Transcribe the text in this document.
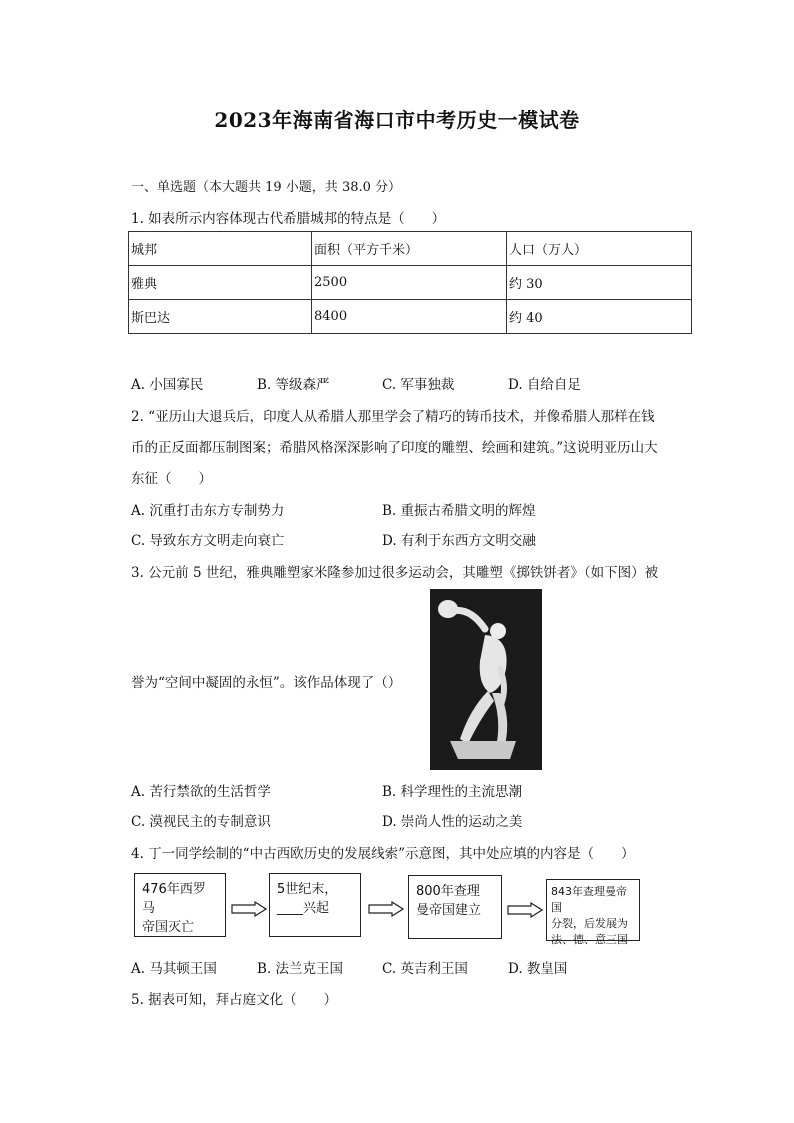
2023年海南省海口市中考历史一模试卷
一、单选题（本大题共 19 小题，共 38.0 分）
1. 如表所示内容体现古代希腊城邦的特点是（　　）
城邦	面积（平方千米）	人口（万人）
雅典	2500	约 30
斯巴达	8400	约 40
A. 小国寡民	B. 等级森严	C. 军事独裁	D. 自给自足
2. “亚历山大退兵后，印度人从希腊人那里学会了精巧的铸币技术，并像希腊人那样在钱
币的正反面都压制图案；希腊风格深深影响了印度的雕塑、绘画和建筑。”这说明亚历山大
东征（　　）
A. 沉重打击东方专制势力	B. 重振古希腊文明的辉煌
C. 导致东方文明走向衰亡	D. 有利于东西方文明交融
3. 公元前 5 世纪，雅典雕塑家米隆参加过很多运动会，其雕塑《掷铁饼者》（如下图）被
誉为“空间中凝固的永恒”。该作品体现了（）
A. 苦行禁欲的生活哲学	B. 科学理性的主流思潮
C. 漠视民主的专制意识	D. 崇尚人性的运动之美
4. 丁一同学绘制的“中古西欧历史的发展线索”示意图，其中处应填的内容是（　　）
476年西罗马
帝国灭亡
5世纪末，
____兴起
800年查理
曼帝国建立
843年查理曼帝国
分裂，后发展为
法、德、意三国
A. 马其顿王国	B. 法兰克王国	C. 英吉利王国	D. 教皇国
5. 据表可知，拜占庭文化（　　）
